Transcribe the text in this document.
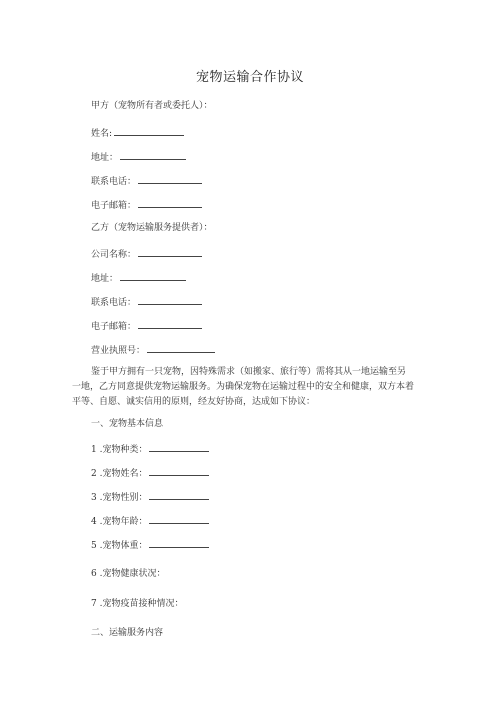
宠物运输合作协议
甲方（宠物所有者或委托人）：
姓名:
地址：
联系电话：
电子邮箱：
乙方（宠物运输服务提供者）：
公司名称：
地址：
联系电话：
电子邮箱：
营业执照号：
鉴于甲方拥有一只宠物，因特殊需求（如搬家、旅行等）需将其从一地运输至另
一地，乙方同意提供宠物运输服务。为确保宠物在运输过程中的安全和健康，双方本着
平等、自愿、诚实信用的原则，经友好协商，达成如下协议：
一、宠物基本信息
1 .宠物种类：
2 .宠物姓名：
3 .宠物性别：
4 .宠物年龄：
5 .宠物体重：
6 .宠物健康状况：
7 .宠物疫苗接种情况：
二、运输服务内容
